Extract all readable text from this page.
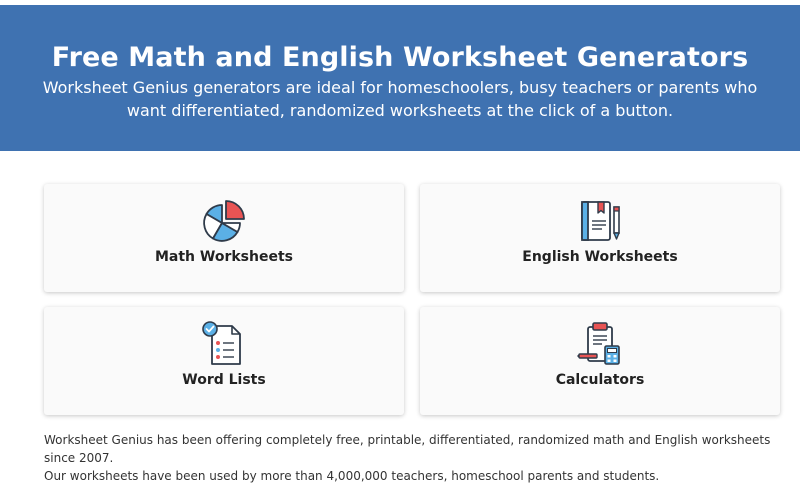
Free Math and English Worksheet Generators

Worksheet Genius generators are ideal for homeschoolers, busy teachers or parents who want differentiated, randomized worksheets at the click of a button.

Math Worksheets	English Worksheets
Word Lists	Calculators
Worksheet Genius has been offering completely free, printable, differentiated, randomized math and English worksheets since 2007.
Our worksheets have been used by more than 4,000,000 teachers, homeschool parents and students.
